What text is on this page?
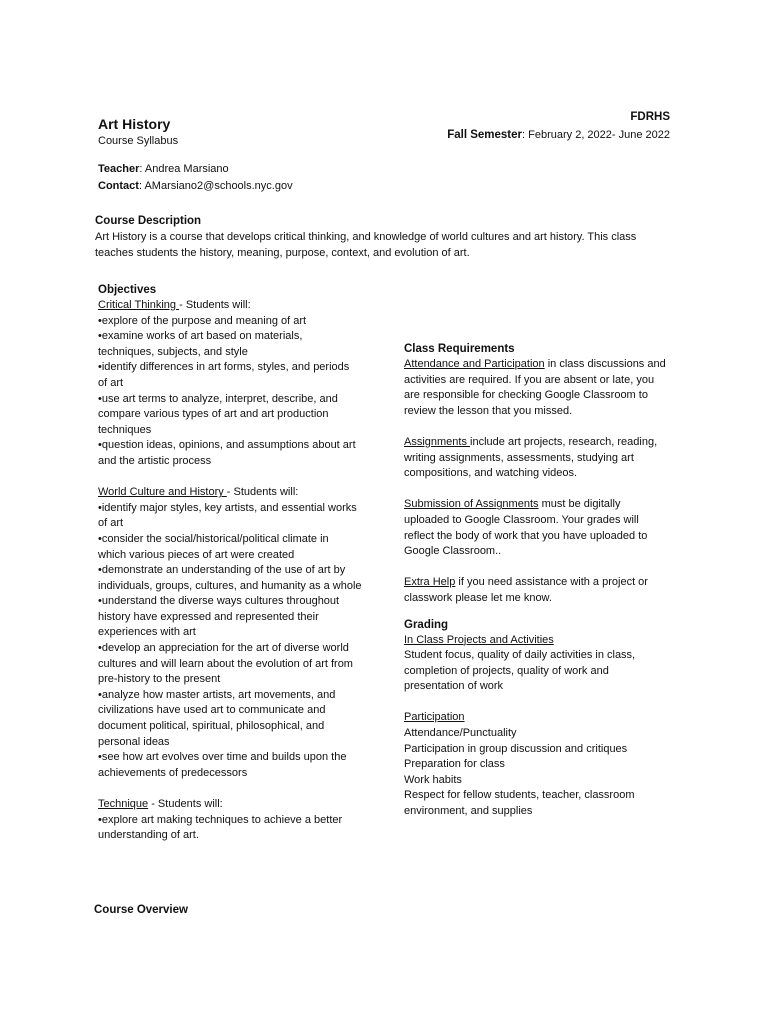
Art History
Course Syllabus
FDRHS
Fall Semester: February 2, 2022- June 2022
Teacher: Andrea Marsiano
Contact: AMarsiano2@schools.nyc.gov
Course Description
Art History is a course that develops critical thinking, and knowledge of world cultures and art history. This class
teaches students the history, meaning, purpose, context, and evolution of art.
Objectives
Critical Thinking - Students will:
•explore of the purpose and meaning of art
•examine works of art based on materials,
techniques, subjects, and style
•identify differences in art forms, styles, and periods
of art
•use art terms to analyze, interpret, describe, and
compare various types of art and art production
techniques
•question ideas, opinions, and assumptions about art
and the artistic process
World Culture and History - Students will:
•identify major styles, key artists, and essential works
of art
•consider the social/historical/political climate in
which various pieces of art were created
•demonstrate an understanding of the use of art by
individuals, groups, cultures, and humanity as a whole
•understand the diverse ways cultures throughout
history have expressed and represented their
experiences with art
•develop an appreciation for the art of diverse world
cultures and will learn about the evolution of art from
pre-history to the present
•analyze how master artists, art movements, and
civilizations have used art to communicate and
document political, spiritual, philosophical, and
personal ideas
•see how art evolves over time and builds upon the
achievements of predecessors
Technique - Students will:
•explore art making techniques to achieve a better
understanding of art.
Class Requirements
Attendance and Participation in class discussions and
activities are required. If you are absent or late, you
are responsible for checking Google Classroom to
review the lesson that you missed.
Assignments include art projects, research, reading,
writing assignments, assessments, studying art
compositions, and watching videos.
Submission of Assignments must be digitally
uploaded to Google Classroom. Your grades will
reflect the body of work that you have uploaded to
Google Classroom..
Extra Help if you need assistance with a project or
classwork please let me know.
Grading
In Class Projects and Activities
Student focus, quality of daily activities in class,
completion of projects, quality of work and
presentation of work
Participation
Attendance/Punctuality
Participation in group discussion and critiques
Preparation for class
Work habits
Respect for fellow students, teacher, classroom
environment, and supplies
Course Overview
